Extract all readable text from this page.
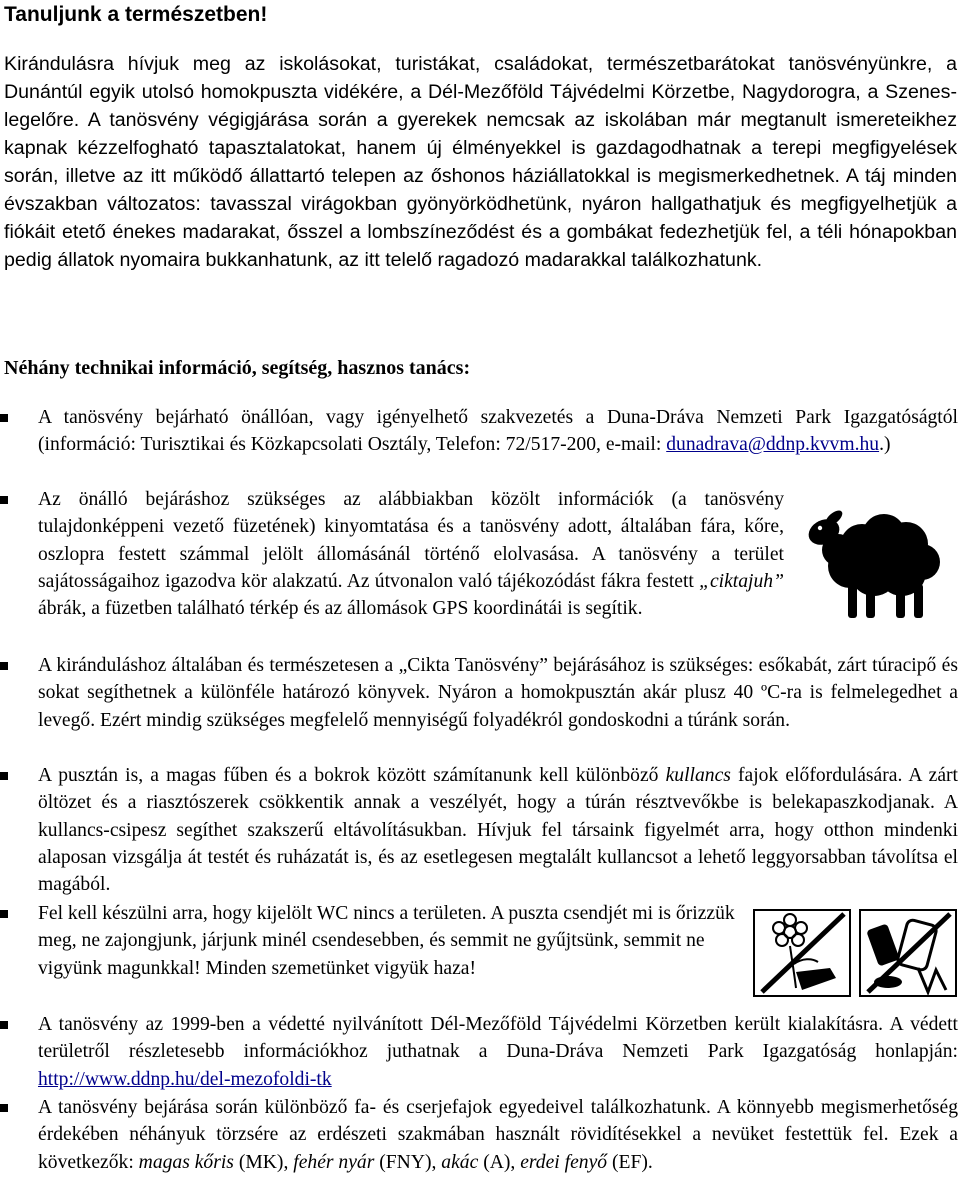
Tanuljunk a természetben!

Kirándulásra hívjuk meg az iskolásokat, turistákat, családokat, természetbarátokat tanösvényünkre, a Dunántúl egyik utolsó homokpuszta vidékére, a Dél-Mezőföld Tájvédelmi Körzetbe, Nagydorogra, a Szenes-legelőre. A tanösvény végigjárása során a gyerekek nemcsak az iskolában már megtanult ismereteikhez kapnak kézzelfogható tapasztalatokat, hanem új élményekkel is gazdagodhatnak a terepi megfigyelések során, illetve az itt működő állattartó telepen az őshonos háziállatokkal is megismerkedhetnek. A táj minden évszakban változatos: tavasszal virágokban gyönyörködhetünk, nyáron hallgathatjuk és megfigyelhetjük a fiókáit etető énekes madarakat, ősszel a lombszíneződést és a gombákat fedezhetjük fel, a téli hónapokban pedig állatok nyomaira bukkanhatunk, az itt telelő ragadozó madarakkal találkozhatunk.

Néhány technikai információ, segítség, hasznos tanács:
A tanösvény bejárható önállóan, vagy igényelhető szakvezetés a Duna-Dráva Nemzeti Park Igazgatóságtól (információ: Turisztikai és Közkapcsolati Osztály, Telefon: 72/517-200, e-mail: dunadrava@ddnp.kvvm.hu.)
Az önálló bejáráshoz szükséges az alábbiakban közölt információk (a tanösvény tulajdonképpeni vezető füzetének) kinyomtatása és a tanösvény adott, általában fára, kőre, oszlopra festett számmal jelölt állomásánál történő elolvasása. A tanösvény a terület sajátosságaihoz igazodva kör alakzatú. Az útvonalon való tájékozódást fákra festett „ciktajuh” ábrák, a füzetben található térkép és az állomások GPS koordinátái is segítik.
A kiránduláshoz általában és természetesen a „Cikta Tanösvény” bejárásához is szükséges: esőkabát, zárt túracipő és sokat segíthetnek a különféle határozó könyvek. Nyáron a homokpusztán akár plusz 40 ºC-ra is felmelegedhet a levegő. Ezért mindig szükséges megfelelő mennyiségű folyadékról gondoskodni a túránk során.
A pusztán is, a magas fűben és a bokrok között számítanunk kell különböző kullancs fajok előfordulására. A zárt öltözet és a riasztószerek csökkentik annak a veszélyét, hogy a túrán résztvevőkbe is belekapaszkodjanak. A kullancs-csipesz segíthet szakszerű eltávolításukban. Hívjuk fel társaink figyelmét arra, hogy otthon mindenki alaposan vizsgálja át testét és ruházatát is, és az esetlegesen megtalált kullancsot a lehető leggyorsabban távolítsa el magából.
Fel kell készülni arra, hogy kijelölt WC nincs a területen. A puszta csendjét mi is őrizzük meg, ne zajongjunk, járjunk minél csendesebben, és semmit ne gyűjtsünk, semmit ne vigyünk magunkkal! Minden szemetünket vigyük haza!
A tanösvény az 1999-ben a védetté nyilvánított Dél-Mezőföld Tájvédelmi Körzetben került kialakításra. A védett területről részletesebb információkhoz juthatnak a Duna-Dráva Nemzeti Park Igazgatóság honlapján: http://www.ddnp.hu/del-mezofoldi-tk
A tanösvény bejárása során különböző fa- és cserjefajok egyedeivel találkozhatunk. A könnyebb megismerhetőség érdekében néhányuk törzsére az erdészeti szakmában használt rövidítésekkel a nevüket festettük fel. Ezek a következők: magas kőris (MK), fehér nyár (FNY), akác (A), erdei fenyő (EF).
